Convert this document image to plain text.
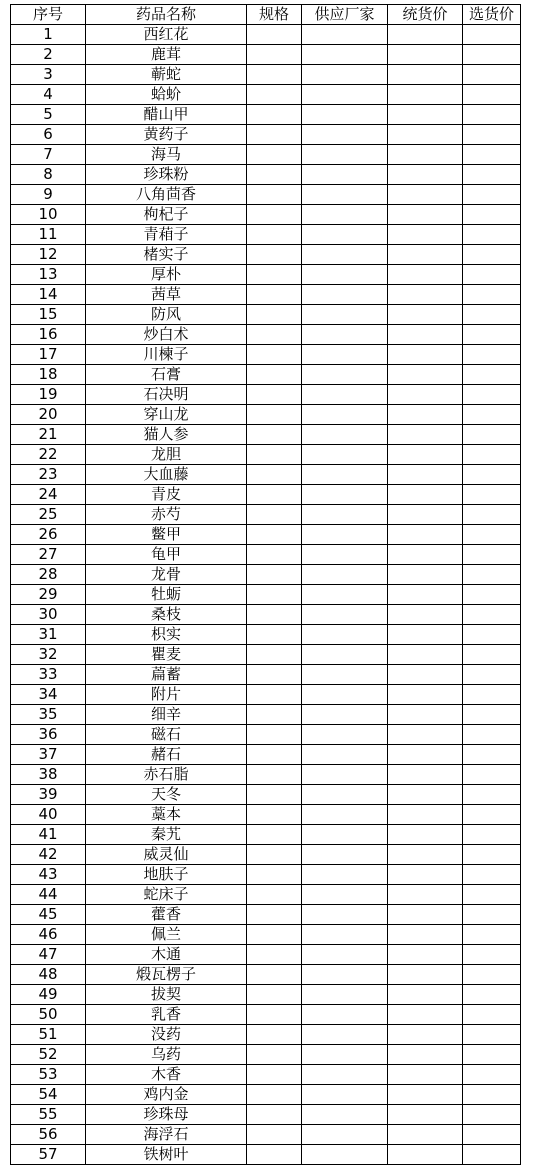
序号	药品名称	规格	供应厂家	统货价	选货价
1	西红花				
2	鹿茸				
3	蕲蛇				
4	蛤蚧				
5	醋山甲				
6	黄药子				
7	海马				
8	珍珠粉				
9	八角茴香				
10	枸杞子				
11	青葙子				
12	楮实子				
13	厚朴				
14	茜草				
15	防风				
16	炒白术				
17	川楝子				
18	石膏				
19	石决明				
20	穿山龙				
21	猫人参				
22	龙胆				
23	大血藤				
24	青皮				
25	赤芍				
26	鳖甲				
27	龟甲				
28	龙骨				
29	牡蛎				
30	桑枝				
31	枳实				
32	瞿麦				
33	萹蓄				
34	附片				
35	细辛				
36	磁石				
37	赭石				
38	赤石脂				
39	天冬				
40	藁本				
41	秦艽				
42	威灵仙				
43	地肤子				
44	蛇床子				
45	藿香				
46	佩兰				
47	木通				
48	煅瓦楞子				
49	拔契				
50	乳香				
51	没药				
52	乌药				
53	木香				
54	鸡内金				
55	珍珠母				
56	海浮石				
57	铁树叶				
